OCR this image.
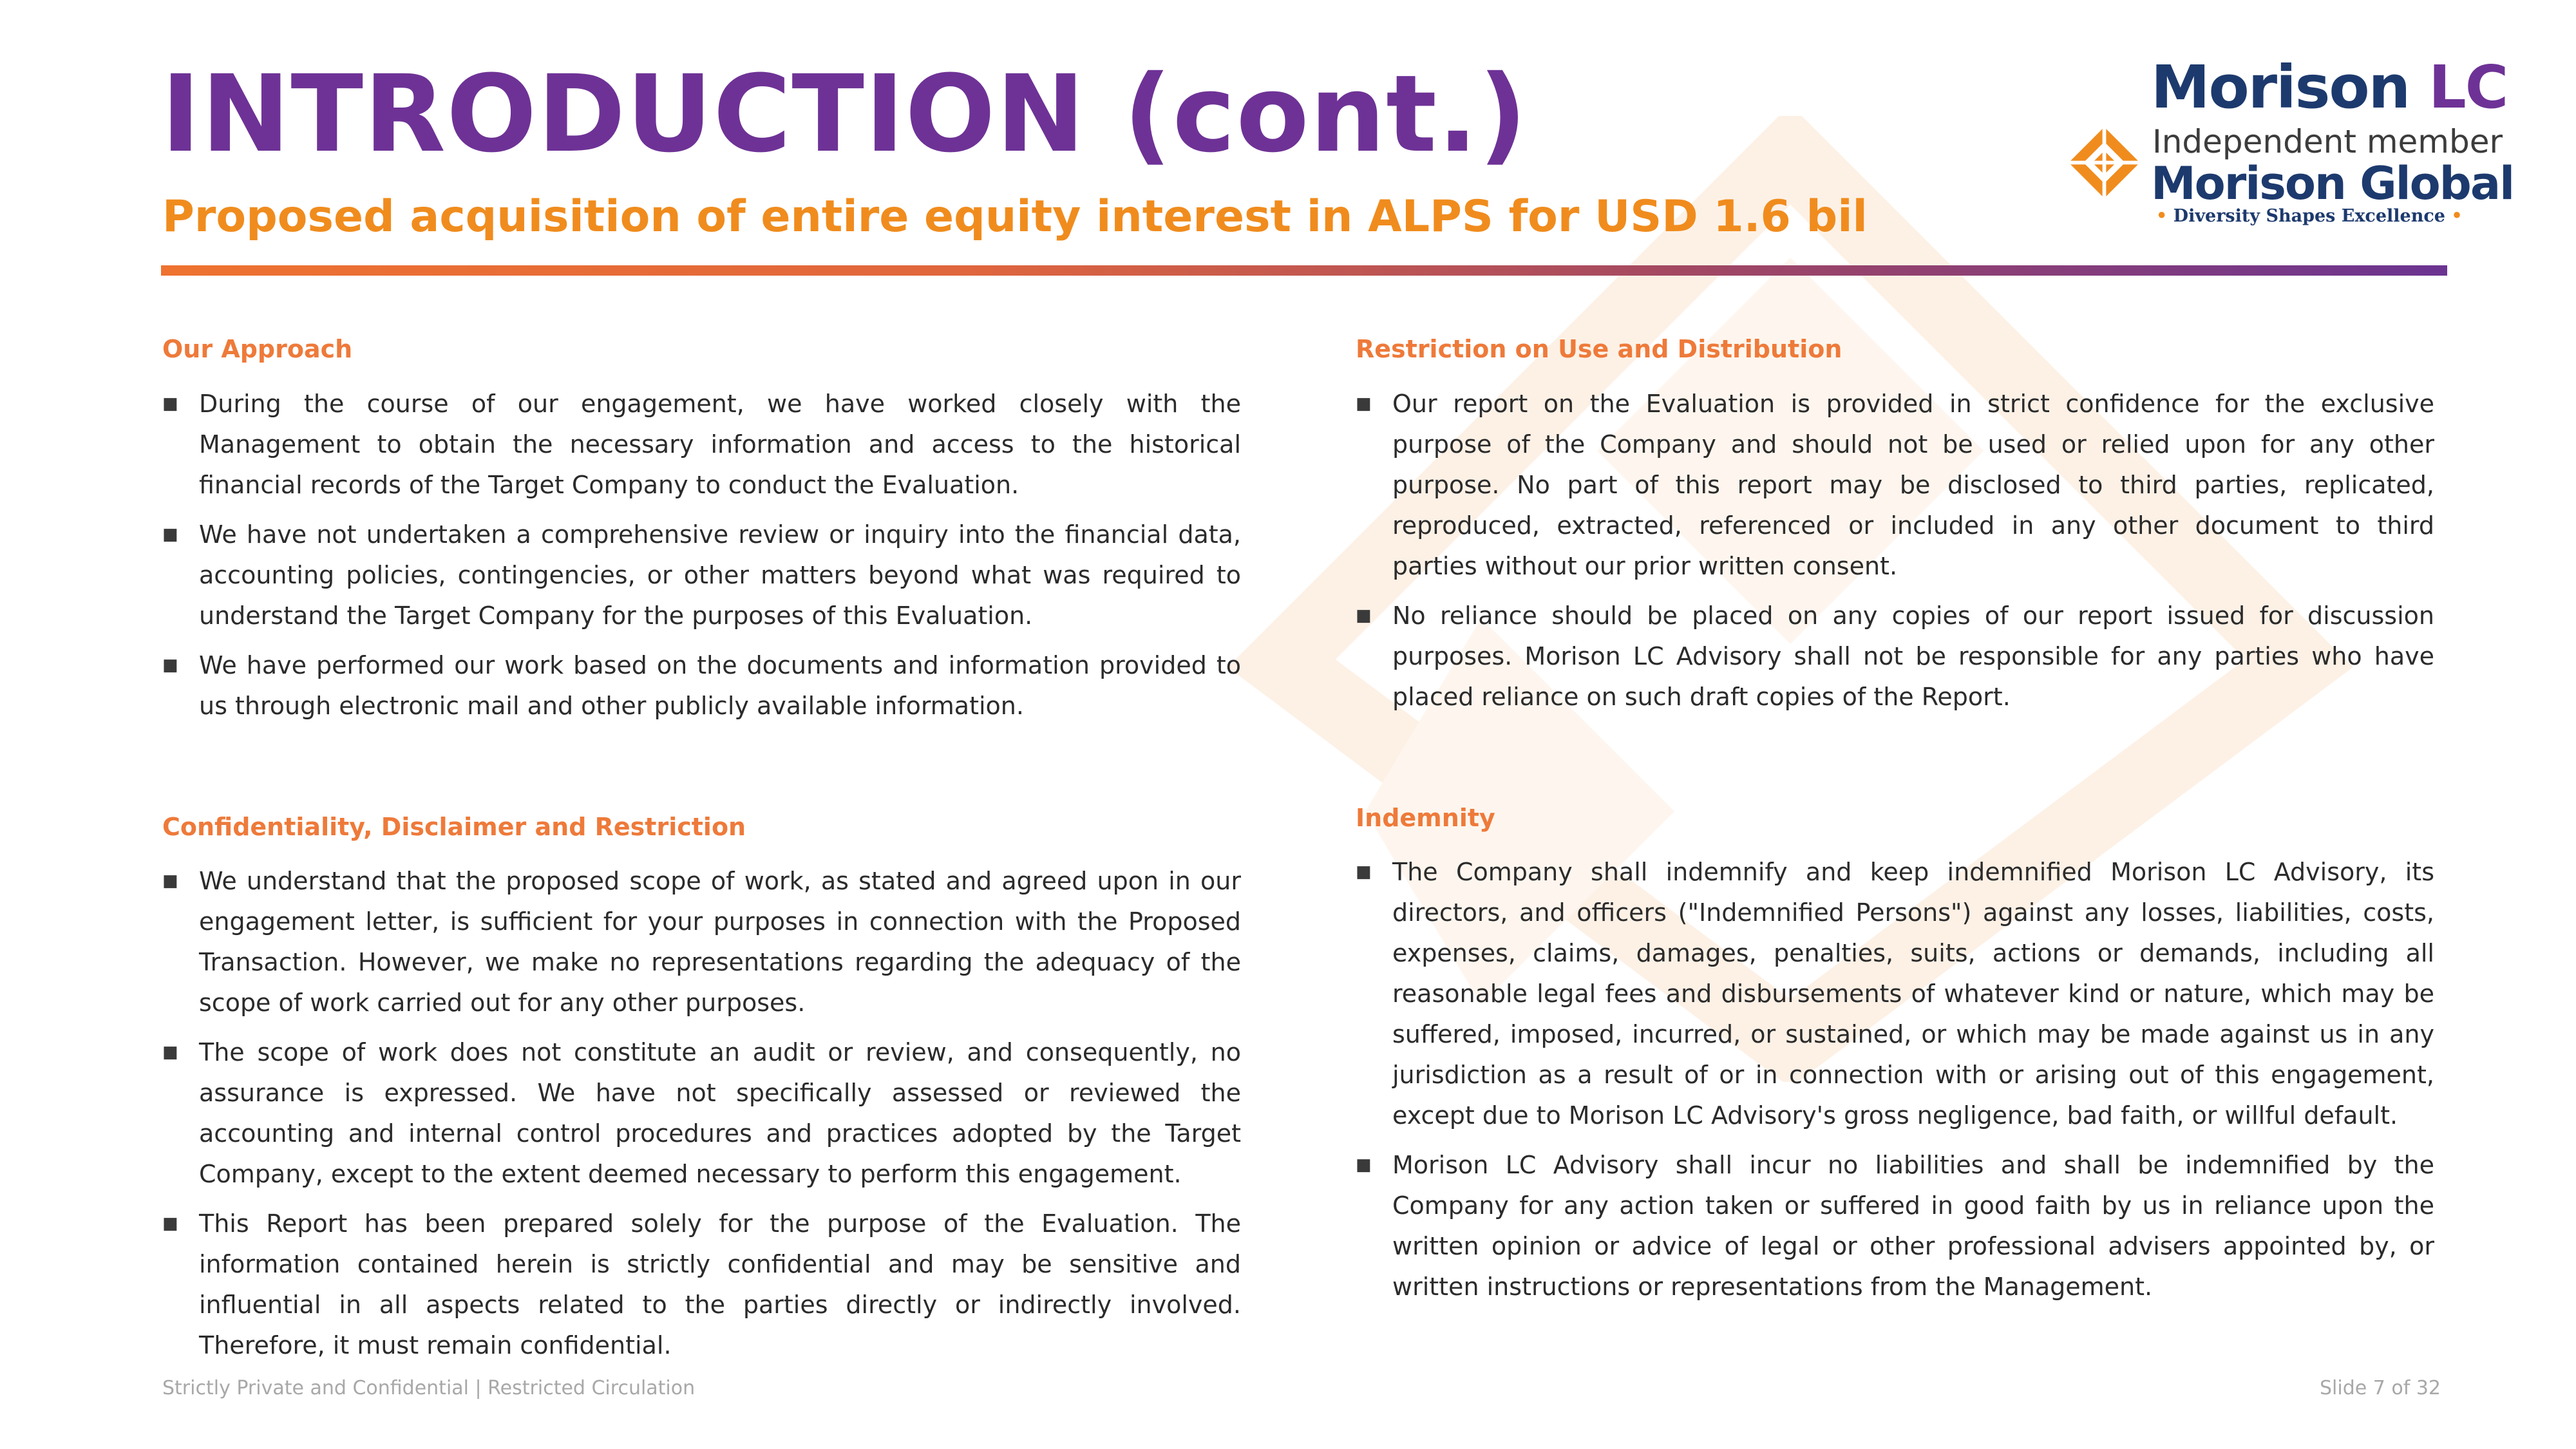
INTRODUCTION (cont.)
Proposed acquisition of entire equity interest in ALPS for USD 1.6 bil
Morison LC
Independent member
Morison Global
• Diversity Shapes Excellence •
Our Approach
■ During the course of our engagement, we have worked closely with the Management to obtain the necessary information and access to the historical financial records of the Target Company to conduct the Evaluation.
■ We have not undertaken a comprehensive review or inquiry into the financial data, accounting policies, contingencies, or other matters beyond what was required to understand the Target Company for the purposes of this Evaluation.
■ We have performed our work based on the documents and information provided to us through electronic mail and other publicly available information.
Confidentiality, Disclaimer and Restriction
■ We understand that the proposed scope of work, as stated and agreed upon in our engagement letter, is sufficient for your purposes in connection with the Proposed Transaction. However, we make no representations regarding the adequacy of the scope of work carried out for any other purposes.
■ The scope of work does not constitute an audit or review, and consequently, no assurance is expressed. We have not specifically assessed or reviewed the accounting and internal control procedures and practices adopted by the Target Company, except to the extent deemed necessary to perform this engagement.
■ This Report has been prepared solely for the purpose of the Evaluation. The information contained herein is strictly confidential and may be sensitive and influential in all aspects related to the parties directly or indirectly involved. Therefore, it must remain confidential.
Restriction on Use and Distribution
■ Our report on the Evaluation is provided in strict confidence for the exclusive purpose of the Company and should not be used or relied upon for any other purpose. No part of this report may be disclosed to third parties, replicated, reproduced, extracted, referenced or included in any other document to third parties without our prior written consent.
■ No reliance should be placed on any copies of our report issued for discussion purposes. Morison LC Advisory shall not be responsible for any parties who have placed reliance on such draft copies of the Report.
Indemnity
■ The Company shall indemnify and keep indemnified Morison LC Advisory, its directors, and officers ("Indemnified Persons") against any losses, liabilities, costs, expenses, claims, damages, penalties, suits, actions or demands, including all reasonable legal fees and disbursements of whatever kind or nature, which may be suffered, imposed, incurred, or sustained, or which may be made against us in any jurisdiction as a result of or in connection with or arising out of this engagement, except due to Morison LC Advisory's gross negligence, bad faith, or willful default.
■ Morison LC Advisory shall incur no liabilities and shall be indemnified by the Company for any action taken or suffered in good faith by us in reliance upon the written opinion or advice of legal or other professional advisers appointed by, or written instructions or representations from the Management.
Strictly Private and Confidential | Restricted Circulation	Slide 7 of 32
